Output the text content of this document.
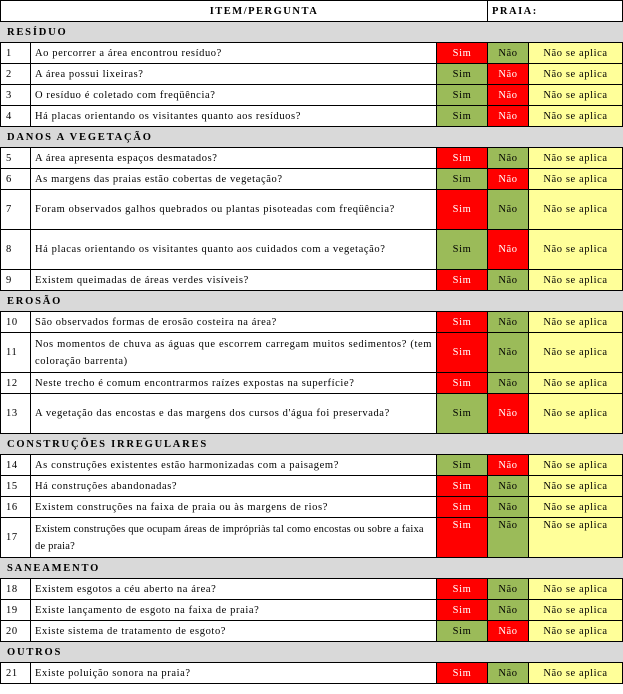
ITEM/PERGUNTA			PRAIA:	
RESÍDUO				
1	Ao percorrer a área encontrou resíduo?	Sim	Não	Não se aplica
2	A área possui lixeiras?	Sim	Não	Não se aplica
3	O resíduo é coletado com freqüência?	Sim	Não	Não se aplica
4	Há placas orientando os visitantes quanto aos resíduos?	Sim	Não	Não se aplica
DANOS A VEGETAÇÃO				
5	A área apresenta espaços desmatados?	Sim	Não	Não se aplica
6	As margens das praias estão cobertas de vegetação?	Sim	Não	Não se aplica
7	Foram observados galhos quebrados ou plantas pisoteadas com freqüência?	Sim	Não	Não se aplica
8	Há placas orientando os visitantes quanto aos cuidados com a vegetação?	Sim	Não	Não se aplica
9	Existem queimadas de áreas verdes visíveis?	Sim	Não	Não se aplica
EROSÃO				
10	São observados formas de erosão costeira na área?	Sim	Não	Não se aplica
11	Nos momentos de chuva as águas que escorrem carregam muitos sedimentos? (tem coloração barrenta)	Sim	Não	Não se aplica
12	Neste trecho é comum encontrarmos raízes expostas na superfície?	Sim	Não	Não se aplica
13	A vegetação das encostas e das margens dos cursos d'água foi preservada?	Sim	Não	Não se aplica
CONSTRUÇÕES IRREGULARES				
14	As construções existentes estão harmonizadas com a paisagem?	Sim	Não	Não se aplica
15	Há construções abandonadas?	Sim	Não	Não se aplica
16	Existem construções na faixa de praia ou às margens de rios?	Sim	Não	Não se aplica
17	Existem construções que ocupam áreas de imprópriàs tal como encostas ou sobre a faixa de praia?	Sim	Não	Não se aplica
SANEAMENTO				
18	Existem esgotos a céu aberto na área?	Sim	Não	Não se aplica
19	Existe lançamento de esgoto na faixa de praia?	Sim	Não	Não se aplica
20	Existe sistema de tratamento de esgoto?	Sim	Não	Não se aplica
OUTROS				
21	Existe poluição sonora na praia?	Sim	Não	Não se aplica
